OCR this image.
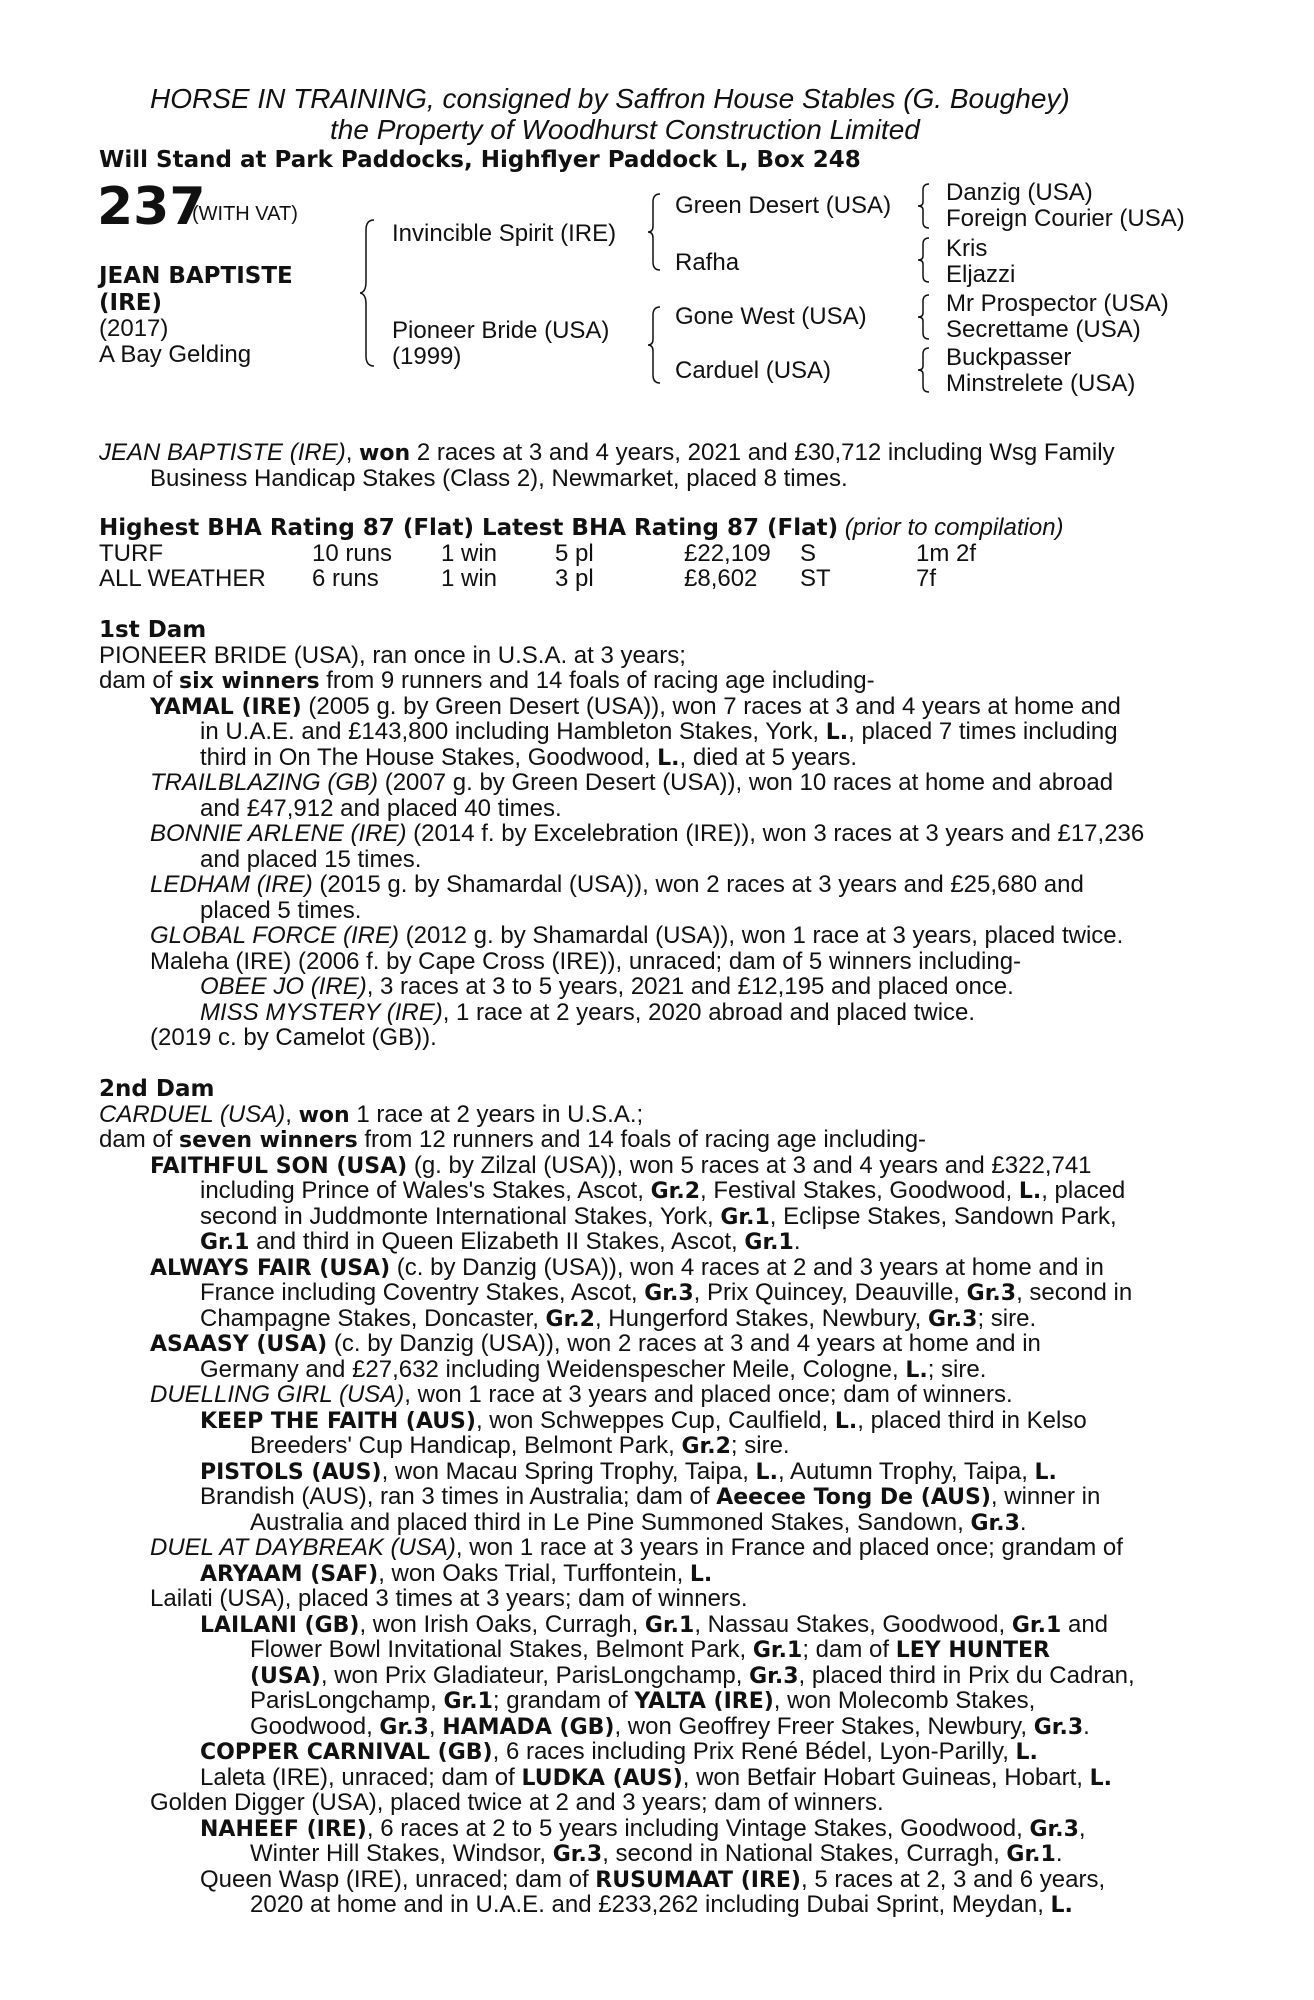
HORSE IN TRAINING, consigned by Saffron House Stables (G. Boughey)
the Property of Woodhurst Construction Limited
Will Stand at Park Paddocks, Highflyer Paddock L, Box 248
237
(WITH VAT)
JEAN BAPTISTE
(IRE)
(2017)
A Bay Gelding
Invincible Spirit (IRE)
Pioneer Bride (USA)
(1999)
Green Desert (USA)
Rafha
Gone West (USA)
Carduel (USA)
Danzig (USA)
Foreign Courier (USA)
Kris
Eljazzi
Mr Prospector (USA)
Secrettame (USA)
Buckpasser
Minstrelete (USA)
JEAN BAPTISTE (IRE), won 2 races at 3 and 4 years, 2021 and £30,712 including Wsg Family
Business Handicap Stakes (Class 2), Newmarket, placed 8 times.
Highest BHA Rating 87 (Flat) Latest BHA Rating 87 (Flat) (prior to compilation)
TURF	10 runs 1 win 5 pl	£22,109 S	1m 2f
ALL WEATHER 6 runs	1 win 3 pl	£8,602 ST	7f
1st Dam
PIONEER BRIDE (USA), ran once in U.S.A. at 3 years;
dam of six winners from 9 runners and 14 foals of racing age including-
YAMAL (IRE) (2005 g. by Green Desert (USA)), won 7 races at 3 and 4 years at home and
in U.A.E. and £143,800 including Hambleton Stakes, York, L., placed 7 times including
third in On The House Stakes, Goodwood, L., died at 5 years.
TRAILBLAZING (GB) (2007 g. by Green Desert (USA)), won 10 races at home and abroad
and £47,912 and placed 40 times.
BONNIE ARLENE (IRE) (2014 f. by Excelebration (IRE)), won 3 races at 3 years and £17,236
and placed 15 times.
LEDHAM (IRE) (2015 g. by Shamardal (USA)), won 2 races at 3 years and £25,680 and
placed 5 times.
GLOBAL FORCE (IRE) (2012 g. by Shamardal (USA)), won 1 race at 3 years, placed twice.
Maleha (IRE) (2006 f. by Cape Cross (IRE)), unraced; dam of 5 winners including-
OBEE JO (IRE), 3 races at 3 to 5 years, 2021 and £12,195 and placed once.
MISS MYSTERY (IRE), 1 race at 2 years, 2020 abroad and placed twice.
(2019 c. by Camelot (GB)).
2nd Dam
CARDUEL (USA), won 1 race at 2 years in U.S.A.;
dam of seven winners from 12 runners and 14 foals of racing age including-
FAITHFUL SON (USA) (g. by Zilzal (USA)), won 5 races at 3 and 4 years and £322,741
including Prince of Wales's Stakes, Ascot, Gr.2, Festival Stakes, Goodwood, L., placed
second in Juddmonte International Stakes, York, Gr.1, Eclipse Stakes, Sandown Park,
Gr.1 and third in Queen Elizabeth II Stakes, Ascot, Gr.1.
ALWAYS FAIR (USA) (c. by Danzig (USA)), won 4 races at 2 and 3 years at home and in
France including Coventry Stakes, Ascot, Gr.3, Prix Quincey, Deauville, Gr.3, second in
Champagne Stakes, Doncaster, Gr.2, Hungerford Stakes, Newbury, Gr.3; sire.
ASAASY (USA) (c. by Danzig (USA)), won 2 races at 3 and 4 years at home and in
Germany and £27,632 including Weidenspescher Meile, Cologne, L.; sire.
DUELLING GIRL (USA), won 1 race at 3 years and placed once; dam of winners.
KEEP THE FAITH (AUS), won Schweppes Cup, Caulfield, L., placed third in Kelso
Breeders' Cup Handicap, Belmont Park, Gr.2; sire.
PISTOLS (AUS), won Macau Spring Trophy, Taipa, L., Autumn Trophy, Taipa, L.
Brandish (AUS), ran 3 times in Australia; dam of Aeecee Tong De (AUS), winner in
Australia and placed third in Le Pine Summoned Stakes, Sandown, Gr.3.
DUEL AT DAYBREAK (USA), won 1 race at 3 years in France and placed once; grandam of
ARYAAM (SAF), won Oaks Trial, Turffontein, L.
Lailati (USA), placed 3 times at 3 years; dam of winners.
LAILANI (GB), won Irish Oaks, Curragh, Gr.1, Nassau Stakes, Goodwood, Gr.1 and
Flower Bowl Invitational Stakes, Belmont Park, Gr.1; dam of LEY HUNTER
(USA), won Prix Gladiateur, ParisLongchamp, Gr.3, placed third in Prix du Cadran,
ParisLongchamp, Gr.1; grandam of YALTA (IRE), won Molecomb Stakes,
Goodwood, Gr.3, HAMADA (GB), won Geoffrey Freer Stakes, Newbury, Gr.3.
COPPER CARNIVAL (GB), 6 races including Prix René Bédel, Lyon-Parilly, L.
Laleta (IRE), unraced; dam of LUDKA (AUS), won Betfair Hobart Guineas, Hobart, L.
Golden Digger (USA), placed twice at 2 and 3 years; dam of winners.
NAHEEF (IRE), 6 races at 2 to 5 years including Vintage Stakes, Goodwood, Gr.3,
Winter Hill Stakes, Windsor, Gr.3, second in National Stakes, Curragh, Gr.1.
Queen Wasp (IRE), unraced; dam of RUSUMAAT (IRE), 5 races at 2, 3 and 6 years,
2020 at home and in U.A.E. and £233,262 including Dubai Sprint, Meydan, L.
